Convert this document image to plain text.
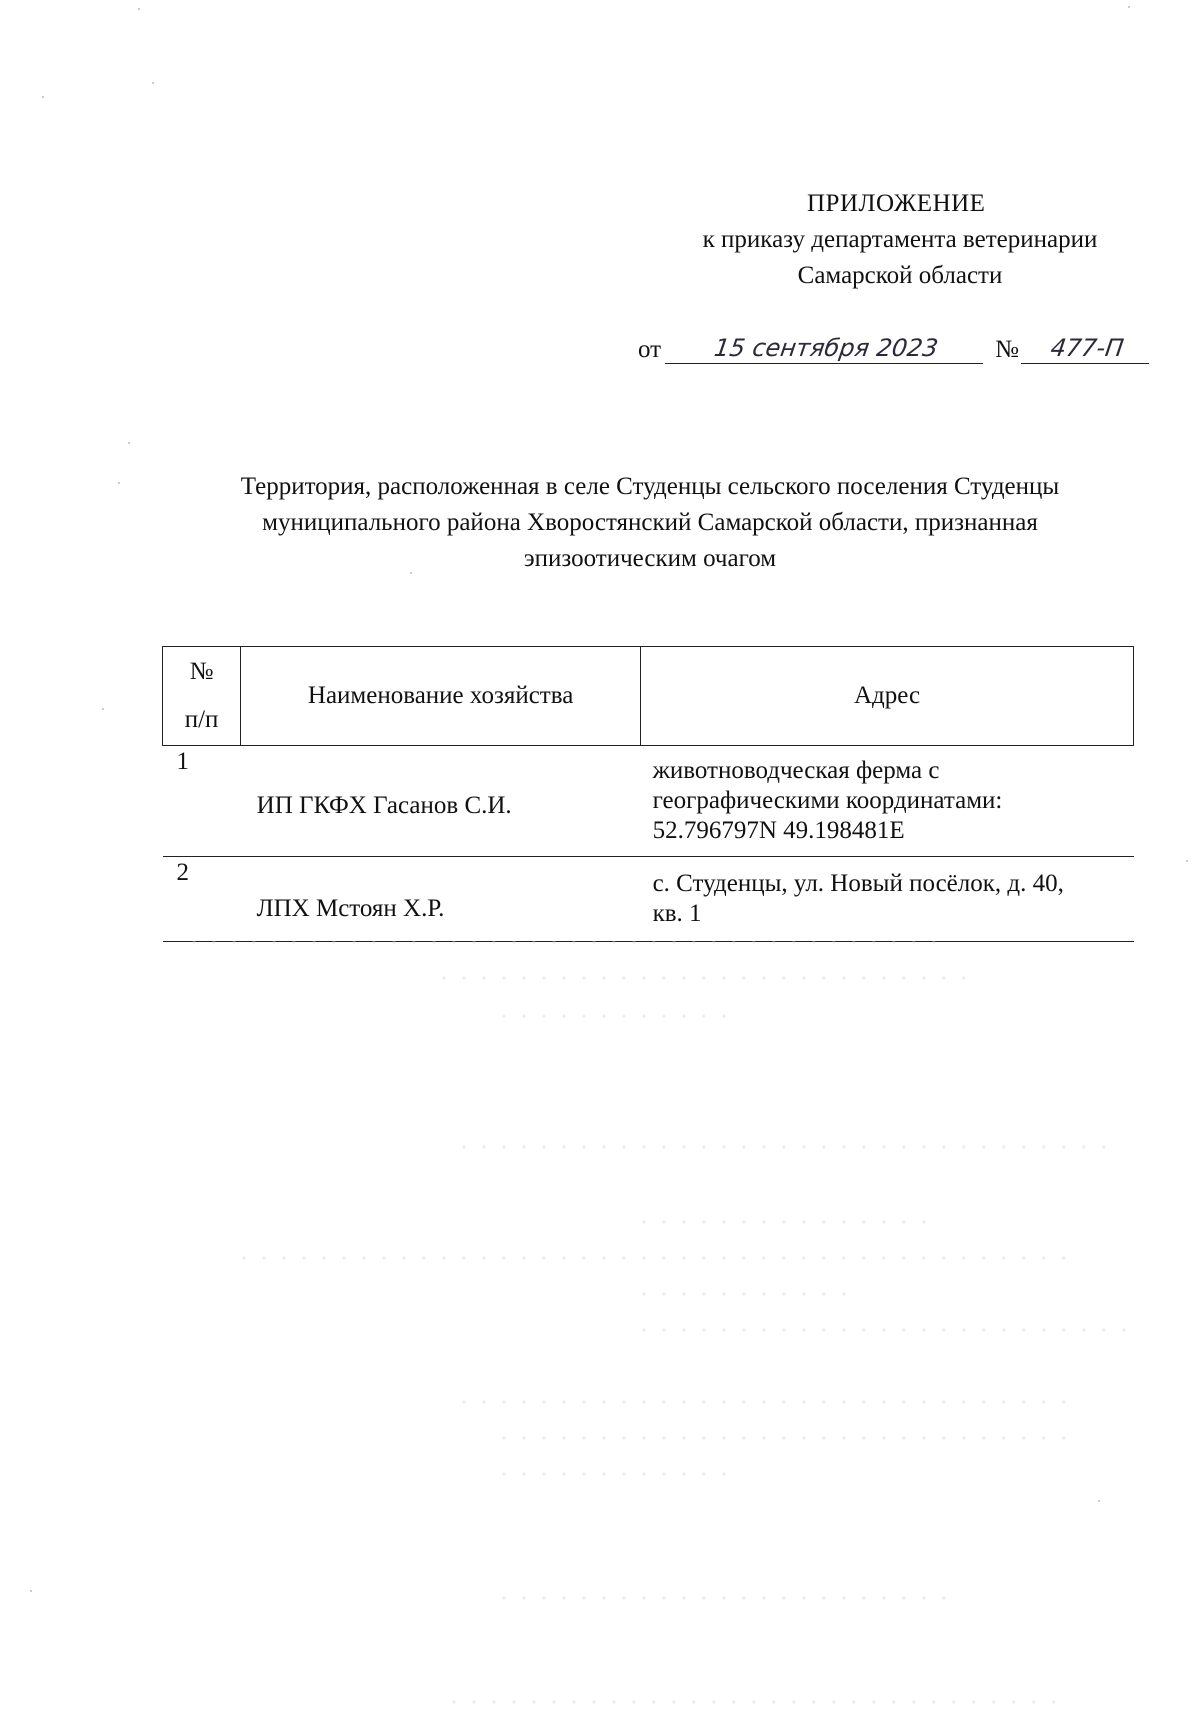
ПРИЛОЖЕНИЕ
к приказу департамента ветеринарии
Самарской области
от	15 сентября 2023	№	477-П
Территория, расположенная в селе Студенцы сельского поселения Студенцы
муниципального района Хворостянский Самарской области, признанная
эпизоотическим очагом
№
п/п	Наименование хозяйства	Адрес
1	ИП ГКФХ Гасанов С.И.	животноводческая ферма с
географическими координатами:
52.796797N 49.198481E

2	ЛПХ Мстоян Х.Р.	с. Студенцы, ул. Новый посёлок, д. 40,
кв. 1
· · · · · · · · · · · · · · · · · · · · · · · · · · · · · · · · · · · · · ·
· · · · · · · · · · · · · · · · · · · · · · · · · · ·
· · · · · · · · · · · ·
· · · · · · · · · · · · · · · · · · · · · · · · · · · · · · · · ·
· · · · · · · · · · · · · · ·
· · · · · · · · · · · · · · · · · · · · · · · · · · · · · · · · · · · · · · · · · ·
· · · · · · · · · · ·
· · · · · · · · · · · · · · · · · · · · · · · · ·
· · · · · · · · · · · · · · · · · · · · · · · · · · · · · · ·
· · · · · · · · · · · · · · · · · · · · · · · · · · · · ·
· · · · · · · · · · · ·
· · · · · · · · · · · · · · · · · · · · · · ·
· · · · · · · · · · · · · · · · · · · · · · · · · · · · · · ·
